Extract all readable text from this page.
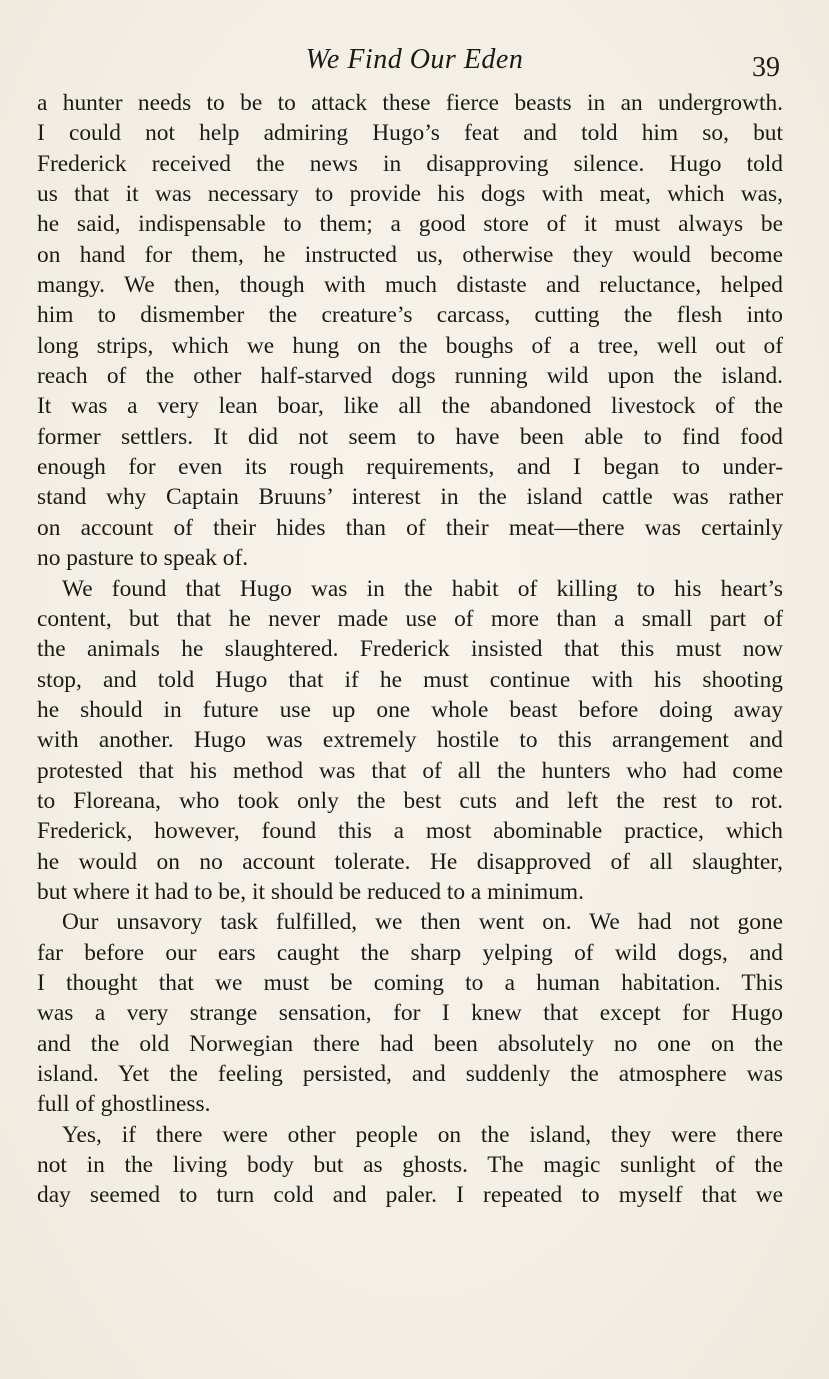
We Find Our Eden	39
a hunter needs to be to attack these fierce beasts in an undergrowth.
I could not help admiring Hugo’s feat and told him so, but
Frederick received the news in disapproving silence. Hugo told
us that it was necessary to provide his dogs with meat, which was,
he said, indispensable to them; a good store of it must always be
on hand for them, he instructed us, otherwise they would become
mangy. We then, though with much distaste and reluctance, helped
him to dismember the creature’s carcass, cutting the flesh into
long strips, which we hung on the boughs of a tree, well out of
reach of the other half-starved dogs running wild upon the island.
It was a very lean boar, like all the abandoned livestock of the
former settlers. It did not seem to have been able to find food
enough for even its rough requirements, and I began to under-
stand why Captain Bruuns’ interest in the island cattle was rather
on account of their hides than of their meat—there was certainly
no pasture to speak of.
We found that Hugo was in the habit of killing to his heart’s
content, but that he never made use of more than a small part of
the animals he slaughtered. Frederick insisted that this must now
stop, and told Hugo that if he must continue with his shooting
he should in future use up one whole beast before doing away
with another. Hugo was extremely hostile to this arrangement and
protested that his method was that of all the hunters who had come
to Floreana, who took only the best cuts and left the rest to rot.
Frederick, however, found this a most abominable practice, which
he would on no account tolerate. He disapproved of all slaughter,
but where it had to be, it should be reduced to a minimum.
Our unsavory task fulfilled, we then went on. We had not gone
far before our ears caught the sharp yelping of wild dogs, and
I thought that we must be coming to a human habitation. This
was a very strange sensation, for I knew that except for Hugo
and the old Norwegian there had been absolutely no one on the
island. Yet the feeling persisted, and suddenly the atmosphere was
full of ghostliness.
Yes, if there were other people on the island, they were there
not in the living body but as ghosts. The magic sunlight of the
day seemed to turn cold and paler. I repeated to myself that we
